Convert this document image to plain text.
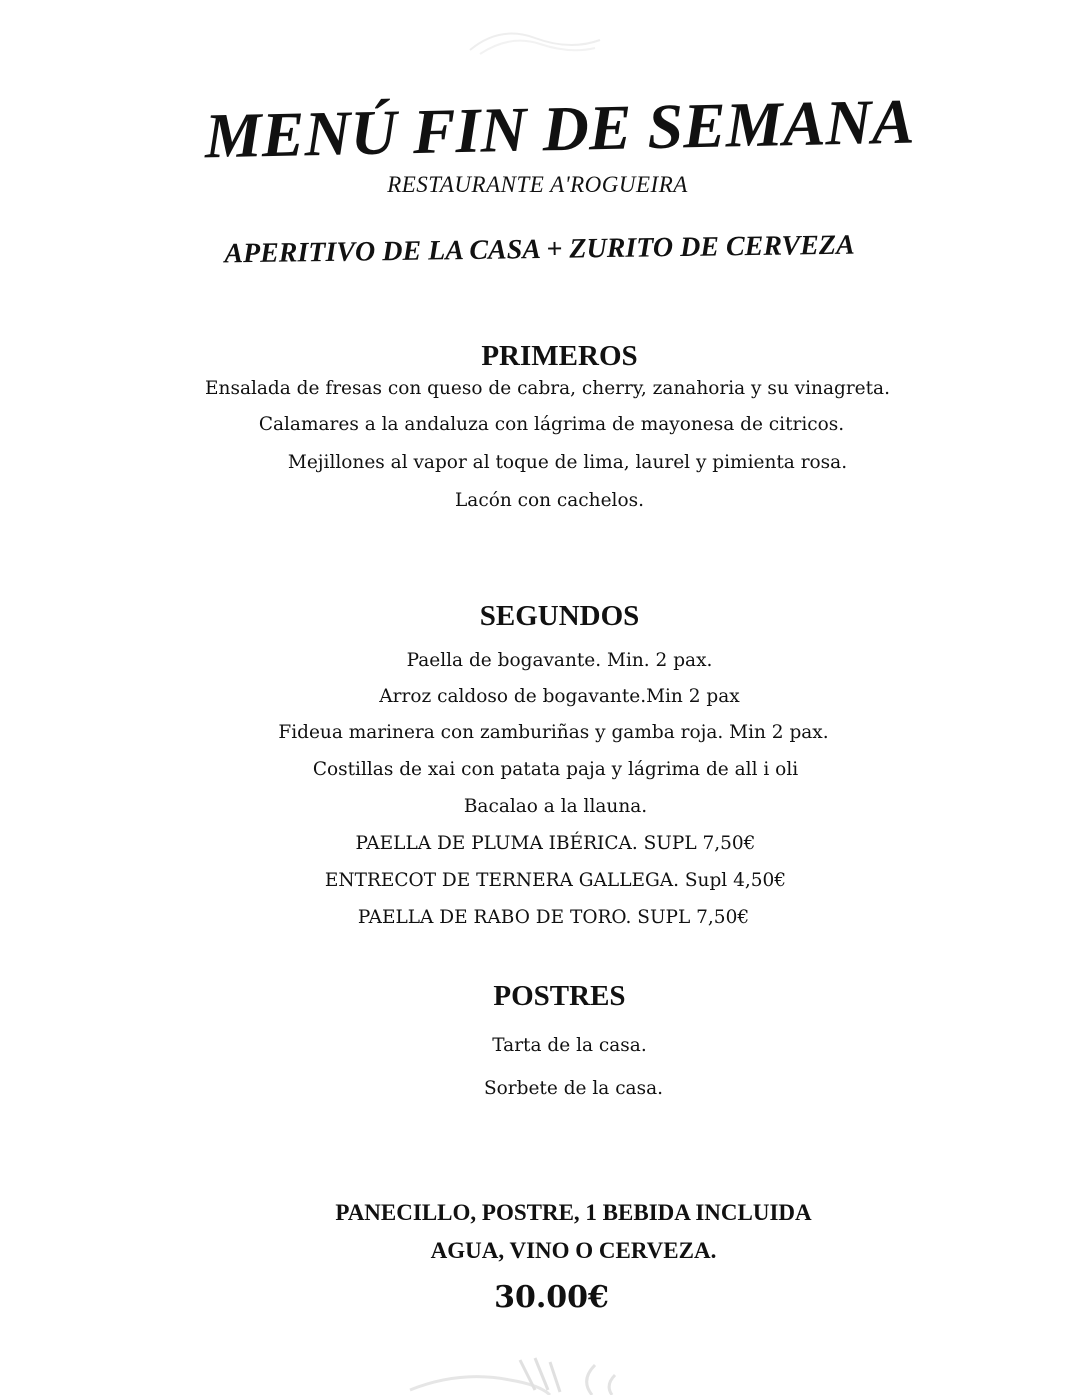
MENÚ FIN DE SEMANA
RESTAURANTE A'ROGUEIRA
APERITIVO DE LA CASA + ZURITO DE CERVEZA
PRIMEROS
Ensalada de fresas con queso de cabra, cherry, zanahoria y su vinagreta.
Calamares a la andaluza con lágrima de mayonesa de citricos.
Mejillones al vapor al toque de lima, laurel y pimienta rosa.
Lacón con cachelos.
SEGUNDOS
Paella de bogavante. Min. 2 pax.
Arroz caldoso de bogavante.Min 2 pax
Fideua marinera con zamburiñas y gamba roja. Min 2 pax.
Costillas de xai con patata paja y lágrima de all i oli
Bacalao a la llauna.
PAELLA DE PLUMA IBÉRICA. SUPL 7,50€
ENTRECOT DE TERNERA GALLEGA. Supl 4,50€
PAELLA DE RABO DE TORO. SUPL 7,50€
POSTRES
Tarta de la casa.
Sorbete de la casa.
PANECILLO, POSTRE, 1 BEBIDA INCLUIDA
AGUA, VINO O CERVEZA.
30.00€
